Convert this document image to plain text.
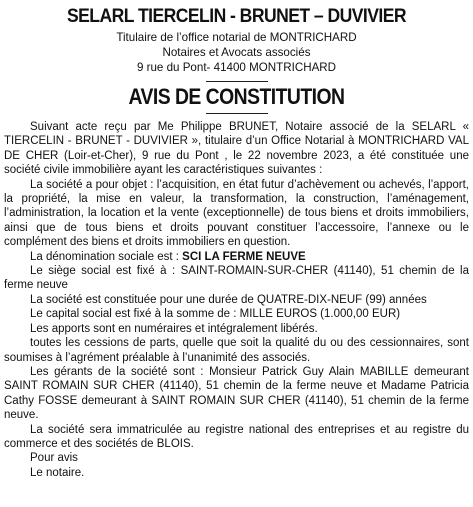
SELARL TIERCELIN - BRUNET – DUVIVIER
Titulaire de l’office notarial de MONTRICHARD
Notaires et Avocats associés
9 rue du Pont- 41400 MONTRICHARD
AVIS DE CONSTITUTION

Suivant acte reçu par Me Philippe BRUNET, Notaire associé de la SELARL « TIERCELIN - BRUNET - DUVIVIER », titulaire d’un Office Notarial à MONTRICHARD VAL DE CHER (Loir-et-Cher), 9 rue du Pont , le 22 novembre 2023, a été constituée une société civile immobilière ayant les caractéristiques suivantes :

La société a pour objet : l’acquisition, en état futur d’achèvement ou achevés, l’apport, la propriété, la mise en valeur, la transformation, la construction, l’aménagement, l’administration, la location et la vente (exceptionnelle) de tous biens et droits immobiliers, ainsi que de tous biens et droits pouvant constituer l’accessoire, l’annexe ou le complément des biens et droits immobiliers en question.

La dénomination sociale est : SCI LA FERME NEUVE

Le siège social est fixé à : SAINT-ROMAIN-SUR-CHER (41140), 51 chemin de la ferme neuve

La société est constituée pour une durée de QUATRE-DIX-NEUF (99) années

Le capital social est fixé à la somme de : MILLE EUROS (1.000,00 EUR)

Les apports sont en numéraires et intégralement libérés.

toutes les cessions de parts, quelle que soit la qualité du ou des cessionnaires, sont soumises à l’agrément préalable à l’unanimité des associés.

Les gérants de la société sont : Monsieur Patrick Guy Alain MABILLE demeurant SAINT ROMAIN SUR CHER (41140), 51 chemin de la ferme neuve et Madame Patricia Cathy FOSSE demeurant à SAINT ROMAIN SUR CHER (41140), 51 chemin de la ferme neuve.

La société sera immatriculée au registre national des entreprises et au registre du commerce et des sociétés de BLOIS.

Pour avis

Le notaire.
